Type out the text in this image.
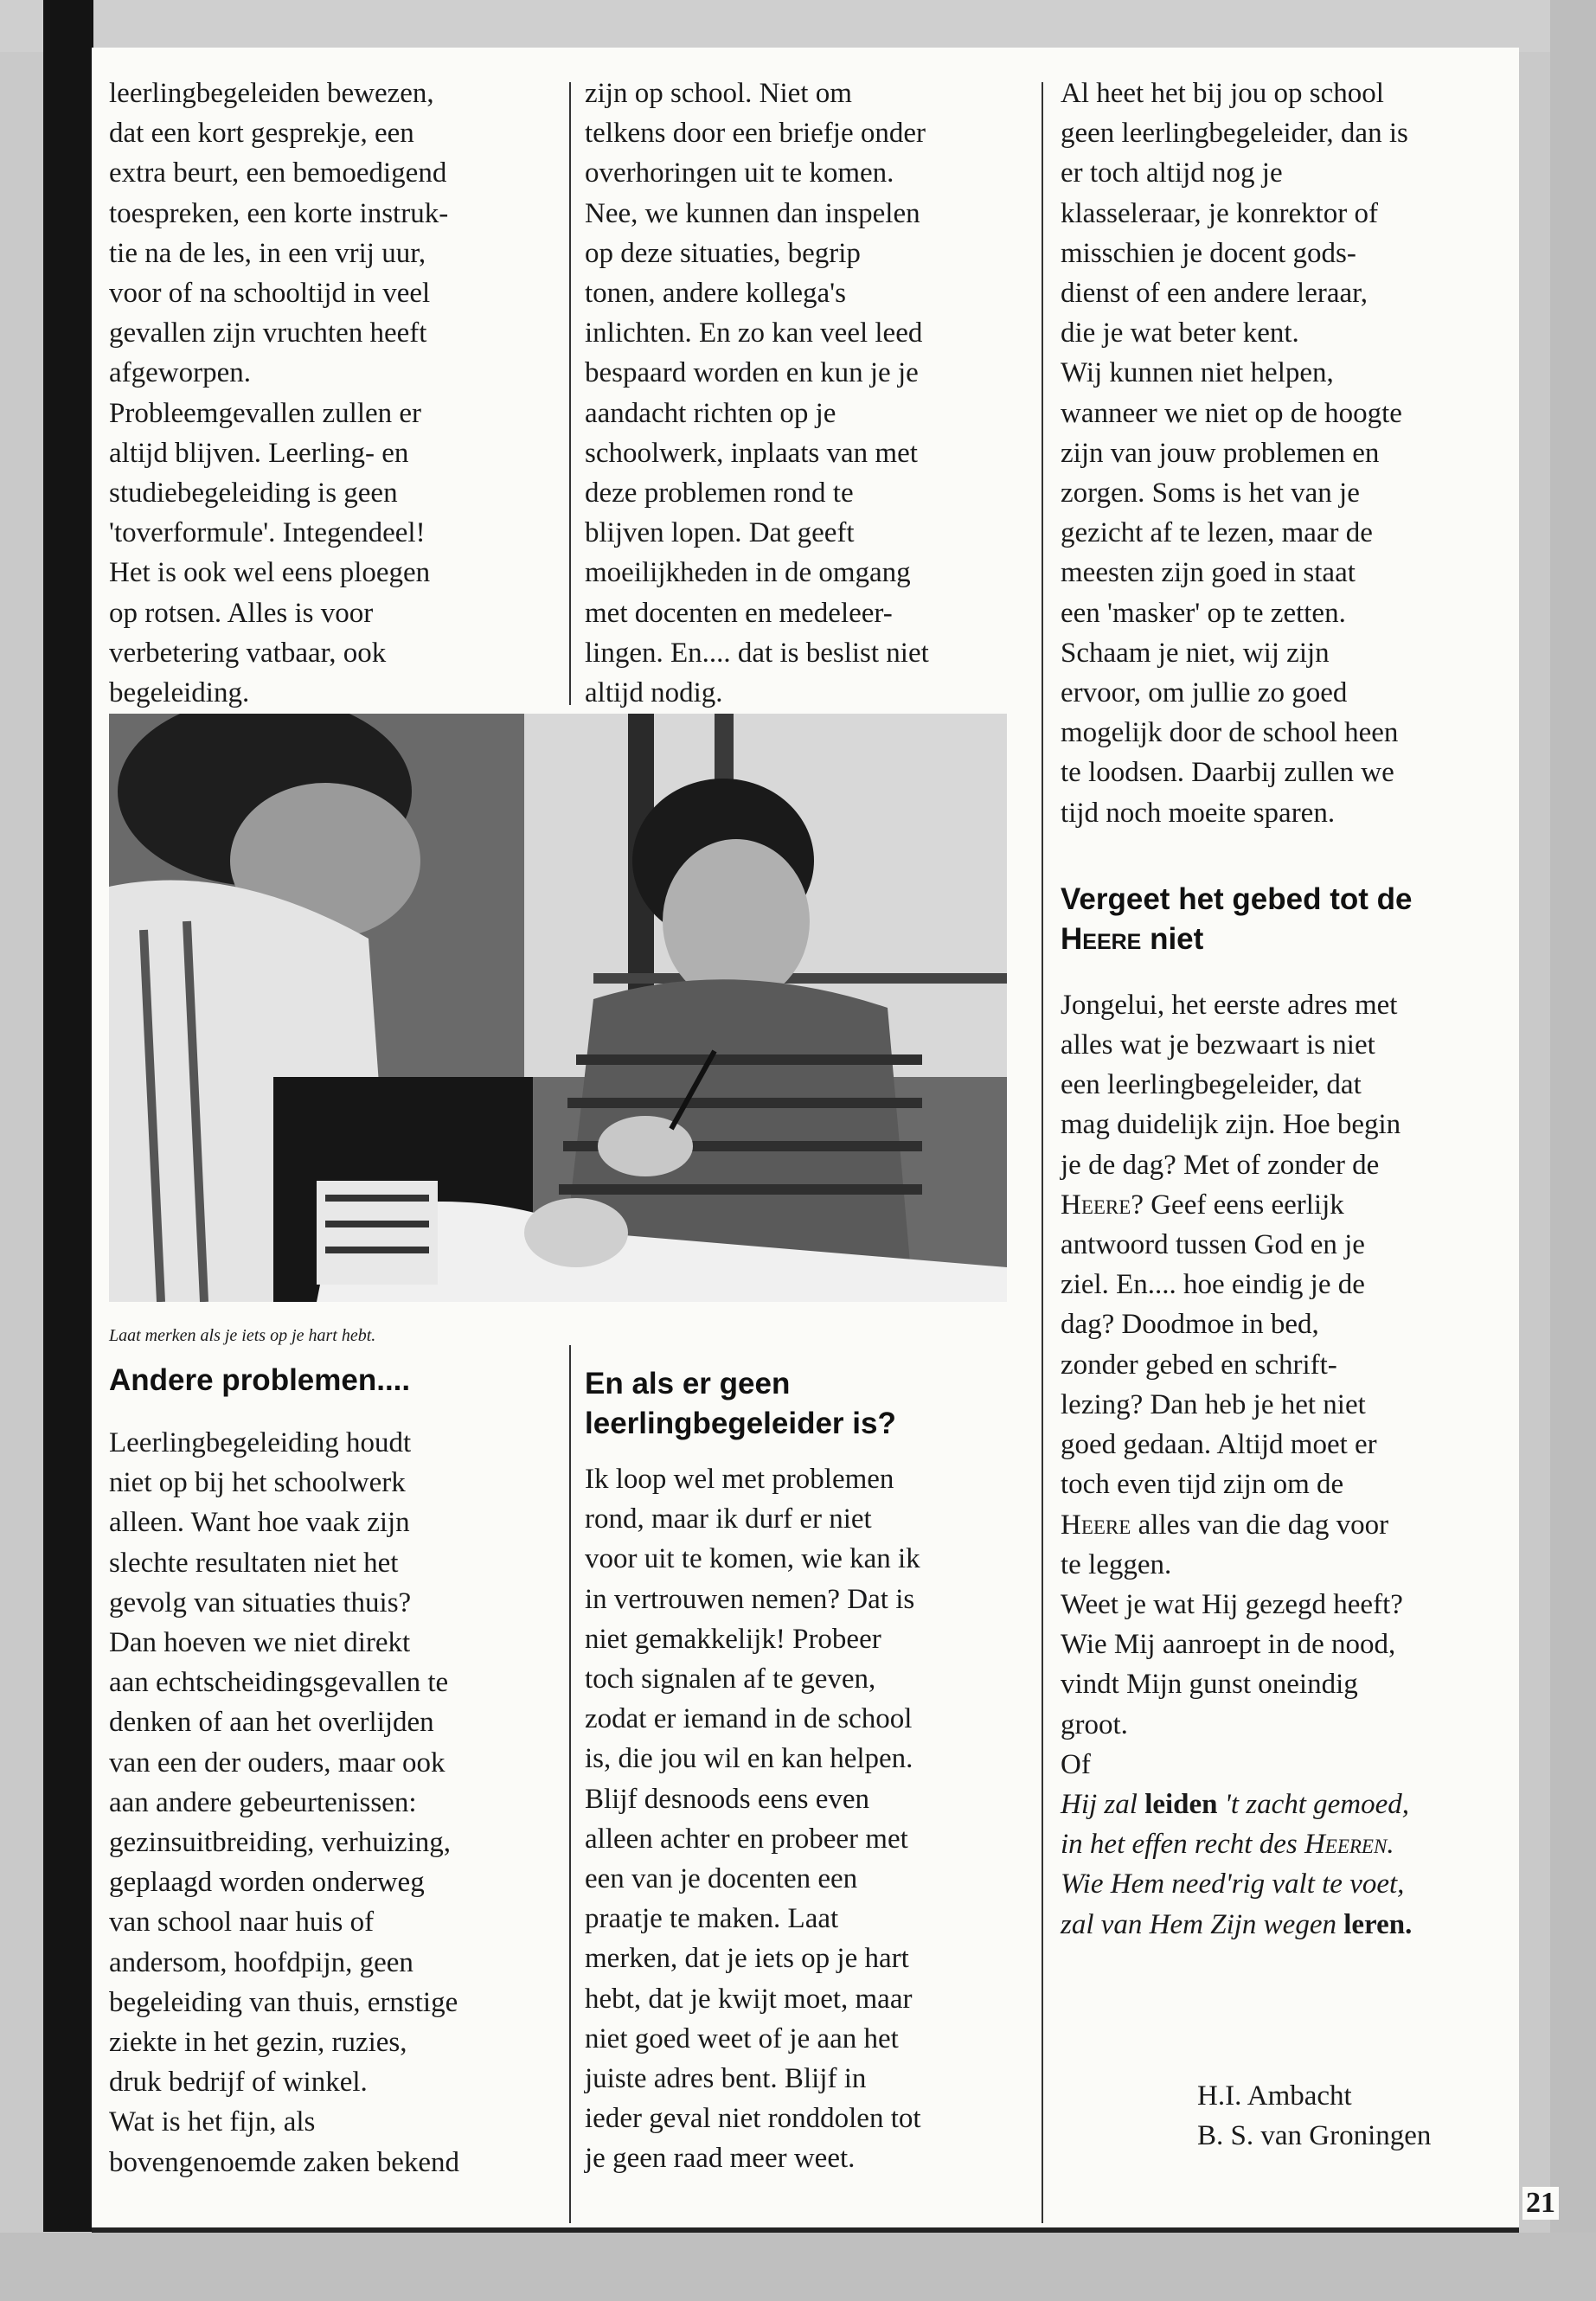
leerlingbegeleiden bewezen,
dat een kort gesprekje, een
extra beurt, een bemoedigend
toespreken, een korte instruk-
tie na de les, in een vrij uur,
voor of na schooltijd in veel
gevallen zijn vruchten heeft
afgeworpen.
Probleemgevallen zullen er
altijd blijven. Leerling- en
studiebegeleiding is geen
'toverformule'. Integendeel!
Het is ook wel eens ploegen
op rotsen. Alles is voor
verbetering vatbaar, ook
begeleiding.

zijn op school. Niet om
telkens door een briefje onder
overhoringen uit te komen.
Nee, we kunnen dan inspelen
op deze situaties, begrip
tonen, andere kollega's
inlichten. En zo kan veel leed
bespaard worden en kun je je
aandacht richten op je
schoolwerk, inplaats van met
deze problemen rond te
blijven lopen. Dat geeft
moeilijkheden in de omgang
met docenten en medeleer-
lingen. En.... dat is beslist niet
altijd nodig.

Laat merken als je iets op je hart hebt.
Andere problemen....

Leerlingbegeleiding houdt
niet op bij het schoolwerk
alleen. Want hoe vaak zijn
slechte resultaten niet het
gevolg van situaties thuis?
Dan hoeven we niet direkt
aan echtscheidingsgevallen te
denken of aan het overlijden
van een der ouders, maar ook
aan andere gebeurtenissen:
gezinsuitbreiding, verhuizing,
geplaagd worden onderweg
van school naar huis of
andersom, hoofdpijn, geen
begeleiding van thuis, ernstige
ziekte in het gezin, ruzies,
druk bedrijf of winkel.
Wat is het fijn, als
bovengenoemde zaken bekend

En als er geen
leerlingbegeleider is?

Ik loop wel met problemen
rond, maar ik durf er niet
voor uit te komen, wie kan ik
in vertrouwen nemen? Dat is
niet gemakkelijk! Probeer
toch signalen af te geven,
zodat er iemand in de school
is, die jou wil en kan helpen.
Blijf desnoods eens even
alleen achter en probeer met
een van je docenten een
praatje te maken. Laat
merken, dat je iets op je hart
hebt, dat je kwijt moet, maar
niet goed weet of je aan het
juiste adres bent. Blijf in
ieder geval niet ronddolen tot
je geen raad meer weet.

Al heet het bij jou op school
geen leerlingbegeleider, dan is
er toch altijd nog je
klasseleraar, je konrektor of
misschien je docent gods-
dienst of een andere leraar,
die je wat beter kent.
Wij kunnen niet helpen,
wanneer we niet op de hoogte
zijn van jouw problemen en
zorgen. Soms is het van je
gezicht af te lezen, maar de
meesten zijn goed in staat
een 'masker' op te zetten.
Schaam je niet, wij zijn
ervoor, om jullie zo goed
mogelijk door de school heen
te loodsen. Daarbij zullen we
tijd noch moeite sparen.

Vergeet het gebed tot de
Heere niet

Jongelui, het eerste adres met
alles wat je bezwaart is niet
een leerlingbegeleider, dat
mag duidelijk zijn. Hoe begin
je de dag? Met of zonder de
Heere? Geef eens eerlijk
antwoord tussen God en je
ziel. En.... hoe eindig je de
dag? Doodmoe in bed,
zonder gebed en schrift-
lezing? Dan heb je het niet
goed gedaan. Altijd moet er
toch even tijd zijn om de
Heere alles van die dag voor
te leggen.
Weet je wat Hij gezegd heeft?
Wie Mij aanroept in de nood,
vindt Mijn gunst oneindig
groot.
Of

Hij zal leiden 't zacht gemoed,
in het effen recht des Heeren.
Wie Hem need'rig valt te voet,
zal van Hem Zijn wegen leren.
H.I. Ambacht
B. S. van Groningen
21
